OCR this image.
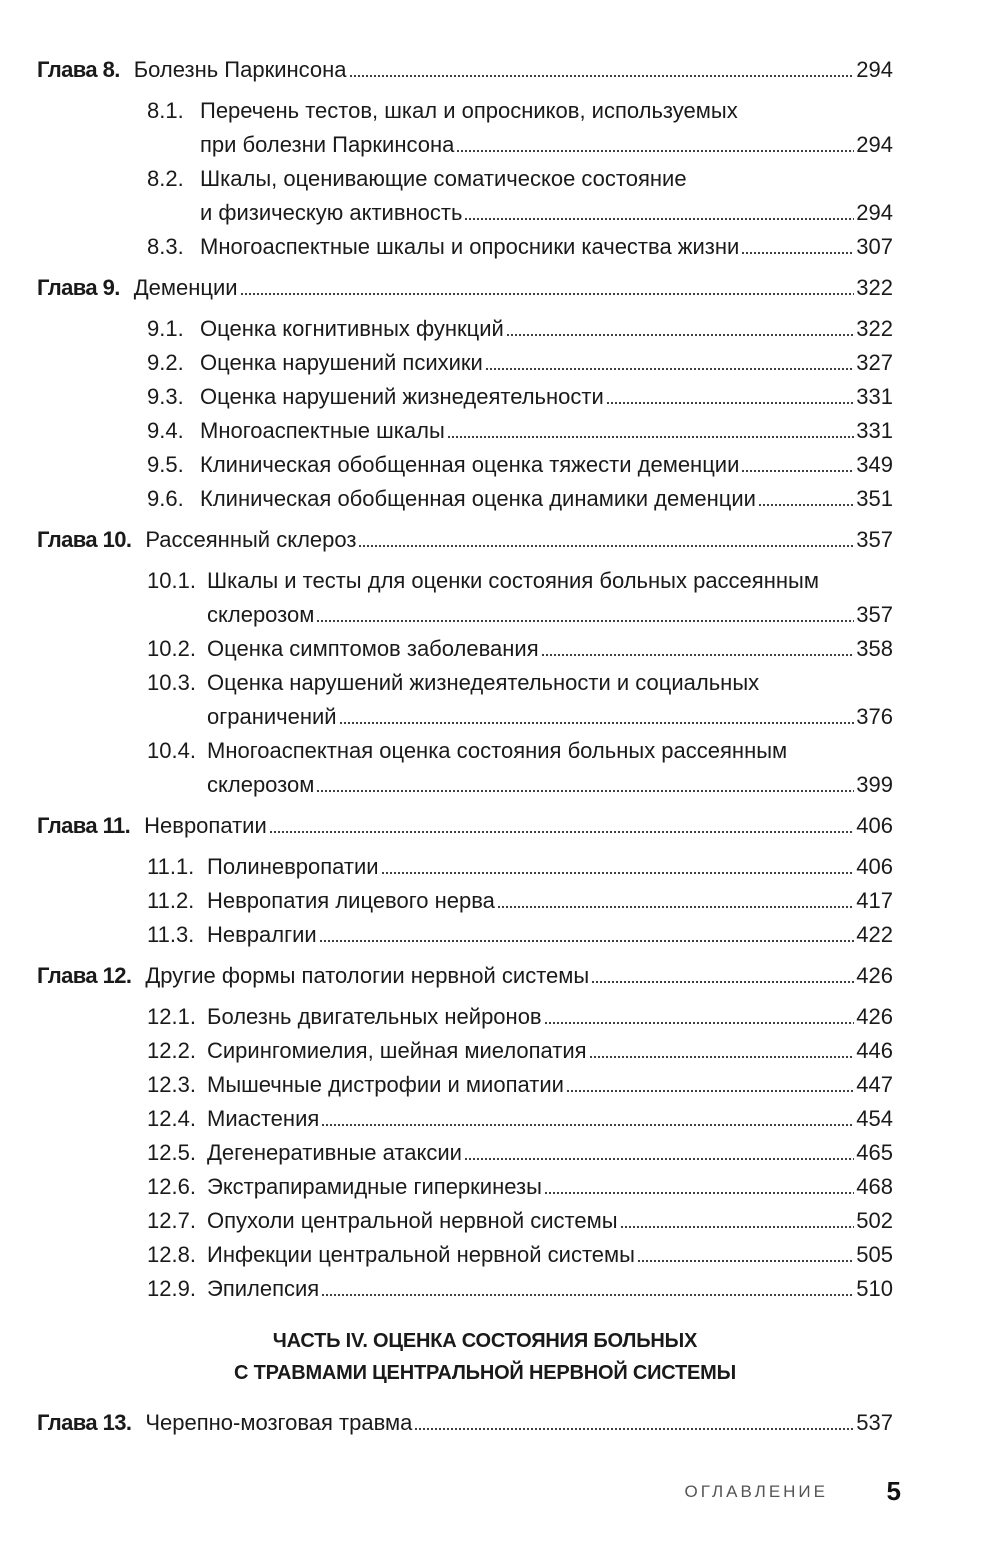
Глава 8. Болезнь Паркинсона	294
8.1. Перечень тестов, шкал и опросников, используемых
при болезни Паркинсона	294
8.2. Шкалы, оценивающие соматическое состояние
и физическую активность	294
8.3. Многоаспектные шкалы и опросники качества жизни	307
Глава 9. Деменции	322
9.1. Оценка когнитивных функций	322
9.2. Оценка нарушений психики	327
9.3. Оценка нарушений жизнедеятельности	331
9.4. Многоаспектные шкалы	331
9.5. Клиническая обобщенная оценка тяжести деменции	349
9.6. Клиническая обобщенная оценка динамики деменции	351
Глава 10. Рассеянный склероз	357
10.1. Шкалы и тесты для оценки состояния больных рассеянным
склерозом	357
10.2. Оценка симптомов заболевания	358
10.3. Оценка нарушений жизнедеятельности и социальных
ограничений	376
10.4. Многоаспектная оценка состояния больных рассеянным
склерозом	399
Глава 11. Невропатии	406
11.1. Полиневропатии	406
11.2. Невропатия лицевого нерва	417
11.3. Невралгии	422
Глава 12. Другие формы патологии нервной системы	426
12.1. Болезнь двигательных нейронов	426
12.2. Сирингомиелия, шейная миелопатия	446
12.3. Мышечные дистрофии и миопатии	447
12.4. Миастения	454
12.5. Дегенеративные атаксии	465
12.6. Экстрапирамидные гиперкинезы	468
12.7. Опухоли центральной нервной системы	502
12.8. Инфекции центральной нервной системы	505
12.9. Эпилепсия	510
ЧАСТЬ IV. ОЦЕНКА СОСТОЯНИЯ БОЛЬНЫХ
С ТРАВМАМИ ЦЕНТРАЛЬНОЙ НЕРВНОЙ СИСТЕМЫ
Глава 13. Черепно-мозговая травма	537
ОГЛАВЛЕНИЕ 5
